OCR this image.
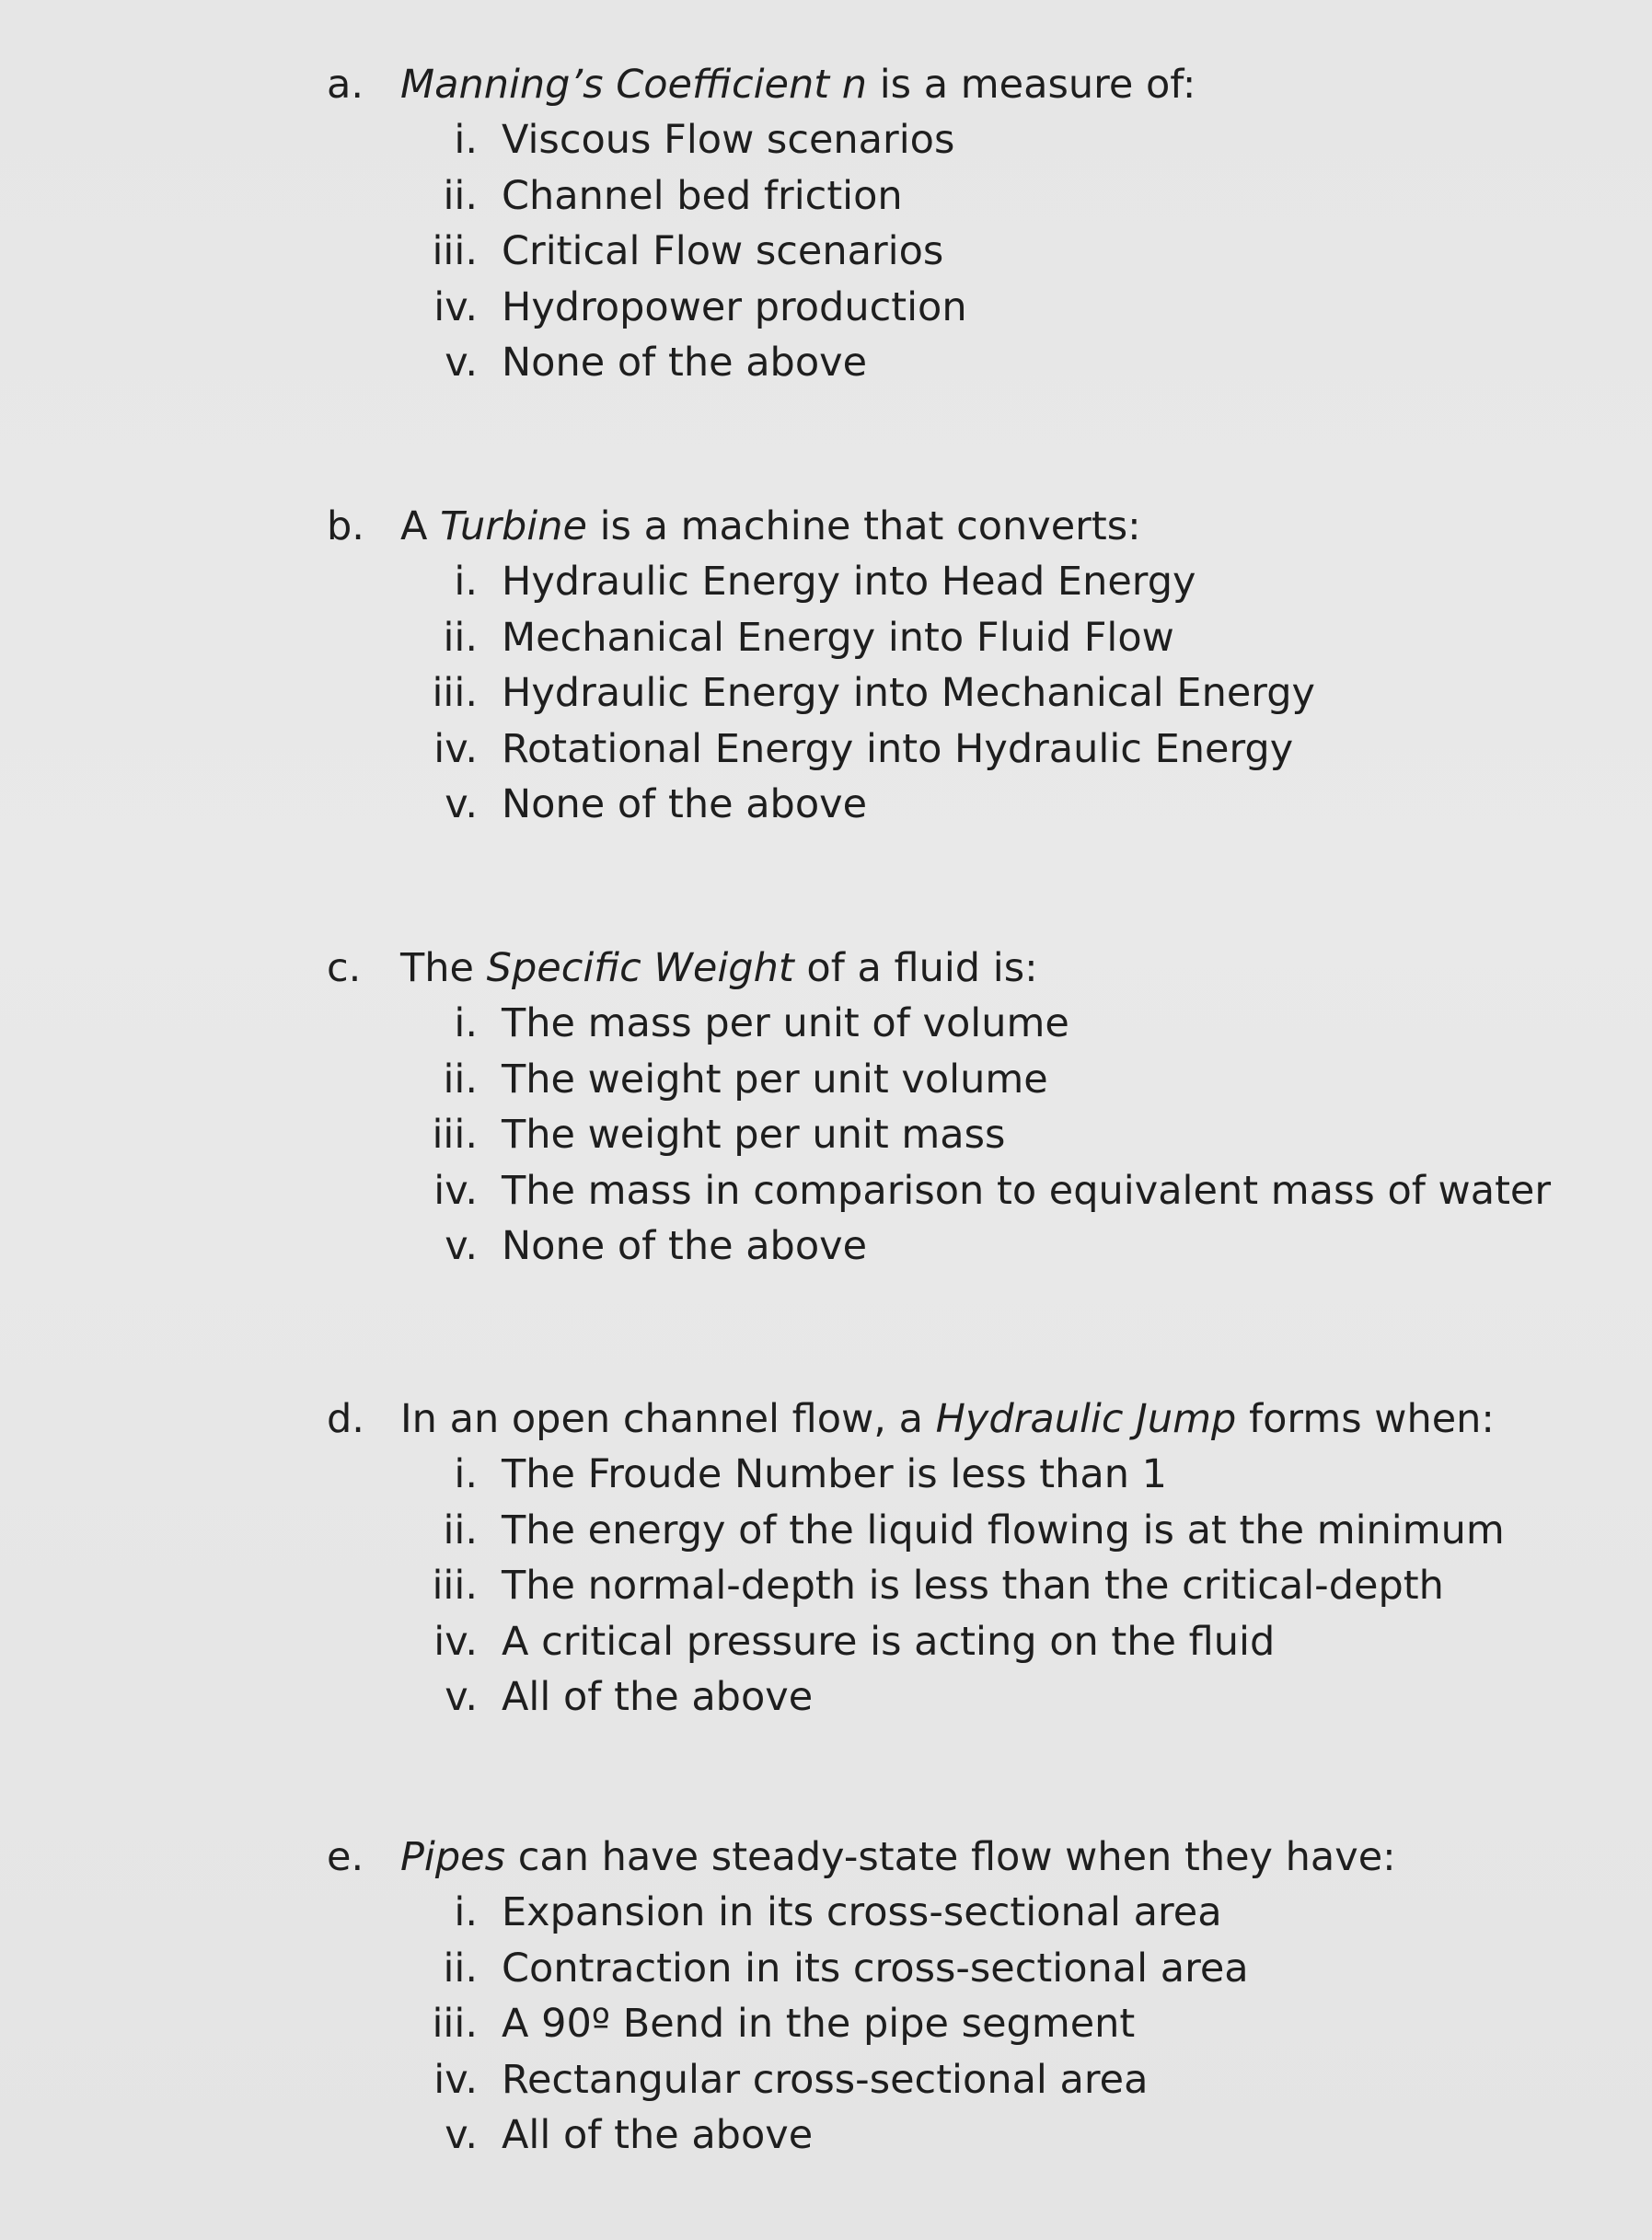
a. Manning’s Coefficient n is a measure of:
i. Viscous Flow scenarios
ii. Channel bed friction
iii. Critical Flow scenarios
iv. Hydropower production
v. None of the above
b. A Turbine is a machine that converts:
i. Hydraulic Energy into Head Energy
ii. Mechanical Energy into Fluid Flow
iii. Hydraulic Energy into Mechanical Energy
iv. Rotational Energy into Hydraulic Energy
v. None of the above
c. The Specific Weight of a fluid is:
i. The mass per unit of volume
ii. The weight per unit volume
iii. The weight per unit mass
iv. The mass in comparison to equivalent mass of water
v. None of the above
d. In an open channel flow, a Hydraulic Jump forms when:
i. The Froude Number is less than 1
ii. The energy of the liquid flowing is at the minimum
iii. The normal-depth is less than the critical-depth
iv. A critical pressure is acting on the fluid
v. All of the above
e. Pipes can have steady-state flow when they have:
i. Expansion in its cross-sectional area
ii. Contraction in its cross-sectional area
iii. A 90º Bend in the pipe segment
iv. Rectangular cross-sectional area
v. All of the above
